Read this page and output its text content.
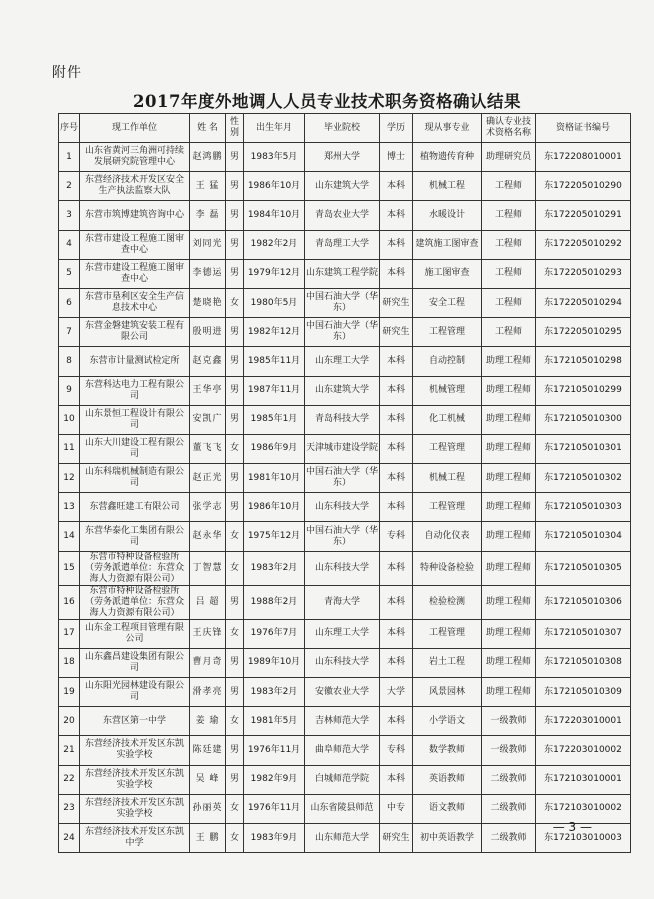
附件
2017年度外地调人人员专业技术职务资格确认结果
序号	现工作单位	姓 名	性别	出生年月	毕业院校	学历	现从事专业	确认专业技术资格名称	资格证书编号
1	山东省黄河三角洲可持续发展研究院管理中心	赵鸿鹏	男	1983年5月	郑州大学	博士	植物遗传育种	助理研究员	东172208010001
2	东营经济技术开发区安全生产执法监察大队	王 猛	男	1986年10月	山东建筑大学	本科	机械工程	工程师	东172205010290
3	东营市筑博建筑咨询中心	李 磊	男	1984年10月	青岛农业大学	本科	水暖设计	工程师	东172205010291
4	东营市建设工程施工图审查中心	刘同光	男	1982年2月	青岛理工大学	本科	建筑施工图审查	工程师	东172205010292
5	东营市建设工程施工图审查中心	李德运	男	1979年12月	山东建筑工程学院	本科	施工图审查	工程师	东172205010293
6	东营市垦利区安全生产信息技术中心	楚晓艳	女	1980年5月	中国石油大学（华东）	研究生	安全工程	工程师	东172205010294
7	东营金磐建筑安装工程有限公司	殷明进	男	1982年12月	中国石油大学（华东）	研究生	工程管理	工程师	东172205010295
8	东营市计量测试检定所	赵克鑫	男	1985年11月	山东理工大学	本科	自动控制	助理工程师	东172105010298
9	东营科达电力工程有限公司	王华亭	男	1987年11月	山东建筑大学	本科	机械管理	助理工程师	东172105010299
10	山东景恒工程设计有限公司	安凯广	男	1985年1月	青岛科技大学	本科	化工机械	助理工程师	东172105010300
11	山东大川建设工程有限公司	董飞飞	女	1986年9月	天津城市建设学院	本科	工程管理	助理工程师	东172105010301
12	山东科瑞机械制造有限公司	赵正光	男	1981年10月	中国石油大学（华东）	本科	机械工程	助理工程师	东172105010302
13	东营鑫旺建工有限公司	张学志	男	1986年10月	山东科技大学	本科	工程管理	助理工程师	东172105010303
14	东营华泰化工集团有限公司	赵永华	女	1975年12月	中国石油大学（华东）	专科	自动化仪表	助理工程师	东172105010304
15	东营市特种设备检验所（劳务派遣单位：东营众海人力资源有限公司）	丁智慧	女	1983年2月	山东科技大学	本科	特种设备检验	助理工程师	东172105010305
16	东营市特种设备检验所（劳务派遣单位：东营众海人力资源有限公司）	吕 超	男	1988年2月	青海大学	本科	检验检测	助理工程师	东172105010306
17	山东金工程项目管理有限公司	王庆锋	女	1976年7月	山东理工大学	本科	工程管理	助理工程师	东172105010307
18	山东鑫昌建设集团有限公司	曹月奇	男	1989年10月	山东科技大学	本科	岩土工程	助理工程师	东172105010308
19	山东阳光园林建设有限公司	滑孝亮	男	1983年2月	安徽农业大学	大学	风景园林	助理工程师	东172105010309
20	东营区第一中学	姜 瑜	女	1981年5月	吉林师范大学	本科	小学语文	一级教师	东172203010001
21	东营经济技术开发区东凯实验学校	陈廷建	男	1976年11月	曲阜师范大学	专科	数学教师	一级教师	东172203010002
22	东营经济技术开发区东凯实验学校	吴 峰	男	1982年9月	白城师范学院	本科	英语教师	二级教师	东172103010001
23	东营经济技术开发区东凯实验学校	孙丽英	女	1976年11月	山东省陵县师范	中专	语文教师	二级教师	东172103010002
24	东营经济技术开发区东凯中学	王 鹏	女	1983年9月	山东师范大学	研究生	初中英语教学	二级教师	东172103010003
— 3 —
